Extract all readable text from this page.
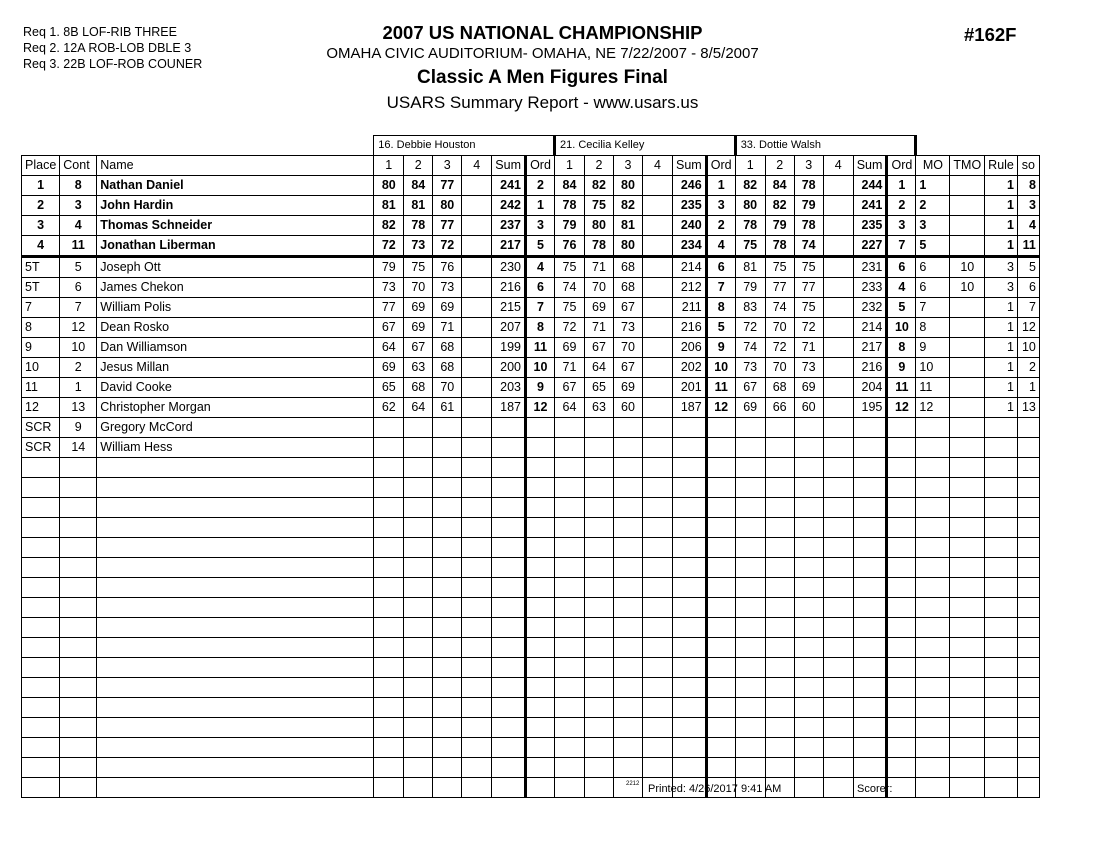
Req 1. 8B LOF-RIB THREE
Req 2. 12A ROB-LOB DBLE 3
Req 3. 22B LOF-ROB COUNER
2007 US NATIONAL CHAMPIONSHIP
OMAHA CIVIC AUDITORIUM- OMAHA, NE 7/22/2007 - 8/5/2007
Classic A Men Figures Final
USARS Summary Report - www.usars.us
#162F
			16. Debbie Houston						21. Cecilia Kelley						33. Dottie Walsh									
Place	Cont	Name	1	2	3	4	Sum	Ord	1	2	3	4	Sum	Ord	1	2	3	4	Sum	Ord	MO	TMO	Rule	so
1	8	Nathan Daniel	80	84	77		241	2	84	82	80		246	1	82	84	78		244	1	1		1	8
2	3	John Hardin	81	81	80		242	1	78	75	82		235	3	80	82	79		241	2	2		1	3
3	4	Thomas Schneider	82	78	77		237	3	79	80	81		240	2	78	79	78		235	3	3		1	4
4	11	Jonathan Liberman	72	73	72		217	5	76	78	80		234	4	75	78	74		227	7	5		1	11
5T	5	Joseph Ott	79	75	76		230	4	75	71	68		214	6	81	75	75		231	6	6	10	3	5
5T	6	James Chekon	73	70	73		216	6	74	70	68		212	7	79	77	77		233	4	6	10	3	6
7	7	William Polis	77	69	69		215	7	75	69	67		211	8	83	74	75		232	5	7		1	7
8	12	Dean Rosko	67	69	71		207	8	72	71	73		216	5	72	70	72		214	10	8		1	12
9	10	Dan Williamson	64	67	68		199	11	69	67	70		206	9	74	72	71		217	8	9		1	10
10	2	Jesus Millan	69	63	68		200	10	71	64	67		202	10	73	70	73		216	9	10		1	2
11	1	David Cooke	65	68	70		203	9	67	65	69		201	11	67	68	69		204	11	11		1	1
12	13	Christopher Morgan	62	64	61		187	12	64	63	60		187	12	69	66	60		195	12	12		1	13
SCR	9	Gregory McCord																						
SCR	14	William Hess																						

2212 Printed: 4/26/2017 9:41 AM	Scorer:
